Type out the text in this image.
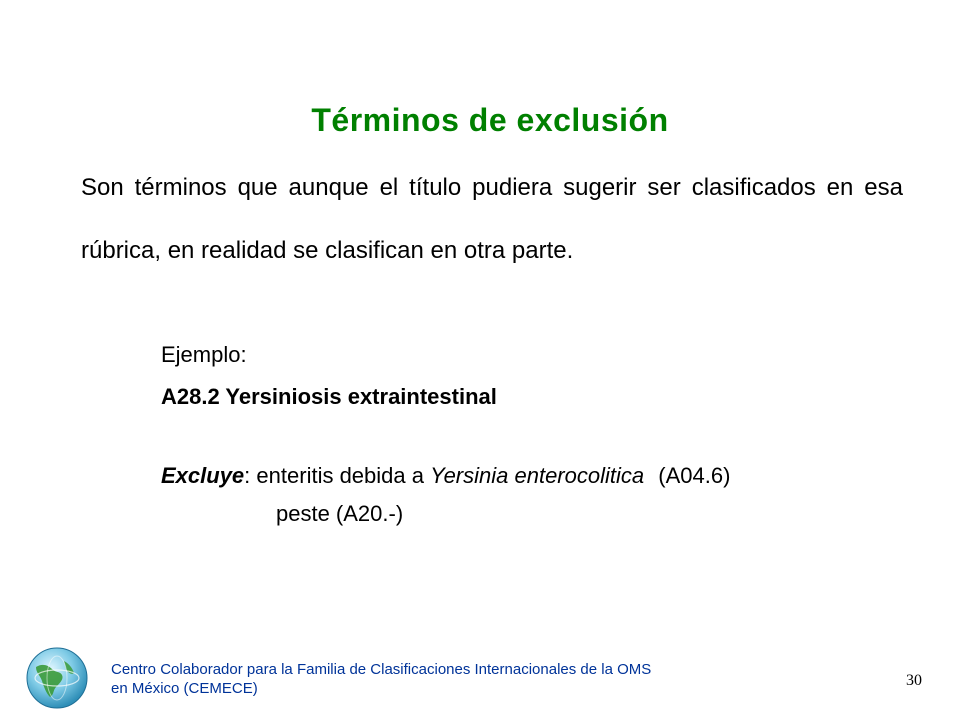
Términos de exclusión
Son términos que aunque el título pudiera sugerir ser clasificados en esa rúbrica, en realidad se clasifican en otra parte.
Ejemplo:
A28.2 Yersiniosis extraintestinal
Excluye: enteritis debida a Yersinia enterocolitica (A04.6)
peste (A20.-)
Centro Colaborador para la Familia de Clasificaciones Internacionales de la OMS en México (CEMECE)	30
